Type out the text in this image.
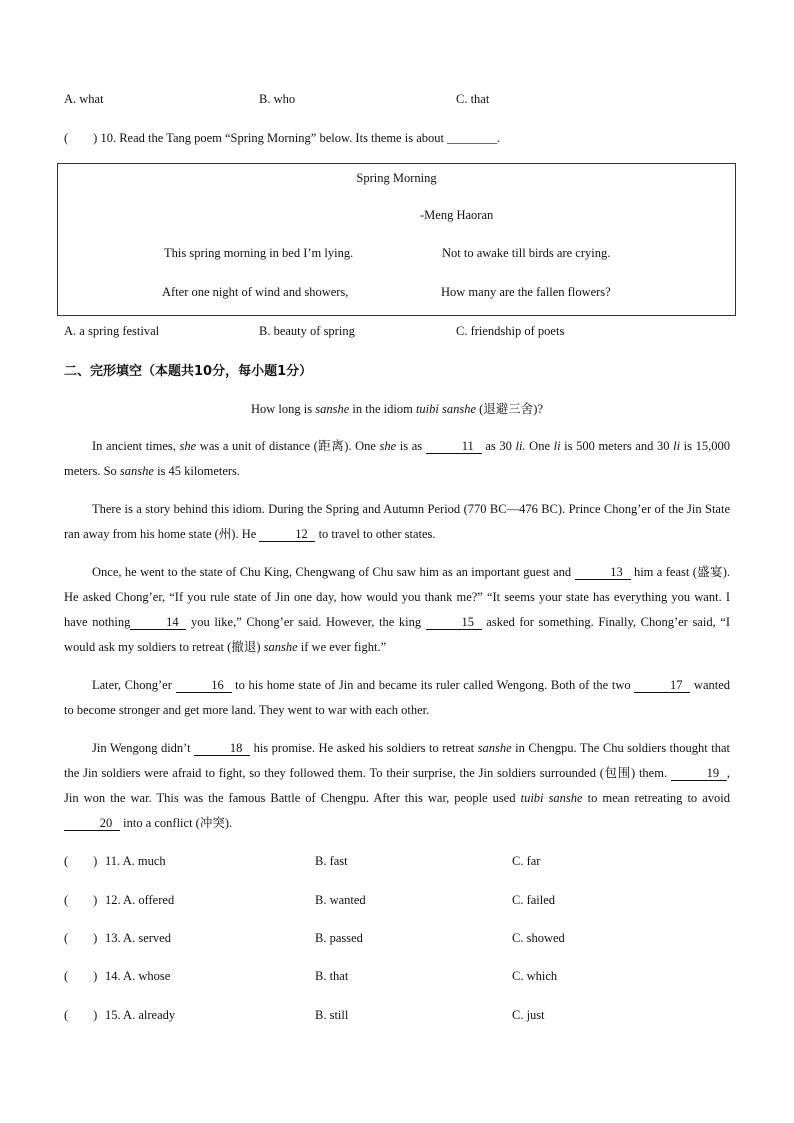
A. what	B. who	C. that
(        ) 10. Read the Tang poem “Spring Morning” below. Its theme is about ________.
Spring Morning
-Meng Haoran
This spring morning in bed I’m lying.	Not to awake till birds are crying.
After one night of wind and showers,	How many are the fallen flowers?
A. a spring festival	B. beauty of spring	C. friendship of poets
二、完形填空（本题共10分，每小题1分）
How long is sanshe in the idiom tuibi sanshe (退避三舍)?
In ancient times, she was a unit of distance (距离). One she is as	11 as 30 li. One li is 500 meters and 30 li is 15,000 meters. So sanshe is 45 kilometers.
There is a story behind this idiom. During the Spring and Autumn Period (770 BC—476 BC). Prince Chong’er of the Jin State ran away from his home state (州). He	12 to travel to other states.
Once, he went to the state of Chu King, Chengwang of Chu saw him as an important guest and	13 him a feast (盛宴). He asked Chong’er, “If you rule state of Jin one day, how would you thank me?” “It seems your state has everything you want. I have nothing	14 you like,” Chong’er said. However, the king	15 asked for something. Finally, Chong’er said, “I would ask my soldiers to retreat (撤退) sanshe if we ever fight.”
Later, Chong’er	16 to his home state of Jin and became its ruler called Wengong. Both of the two	17 wanted to become stronger and get more land. They went to war with each other.
Jin Wengong didn’t	18 his promise. He asked his soldiers to retreat sanshe in Chengpu. The Chu soldiers thought that the Jin soldiers were afraid to fight, so they followed them. To their surprise, the Jin soldiers surrounded (包围) them.	19 , Jin won the war. This was the famous Battle of Chengpu. After this war, people used tuibi sanshe to mean retreating to avoid 20 into a conflict (冲突).
(        ) 11. A. much	B. fast	C. far
(        ) 12. A. offered	B. wanted	C. failed
(        ) 13. A. served	B. passed	C. showed
(        ) 14. A. whose	B. that	C. which
(        ) 15. A. already	B. still	C. just
